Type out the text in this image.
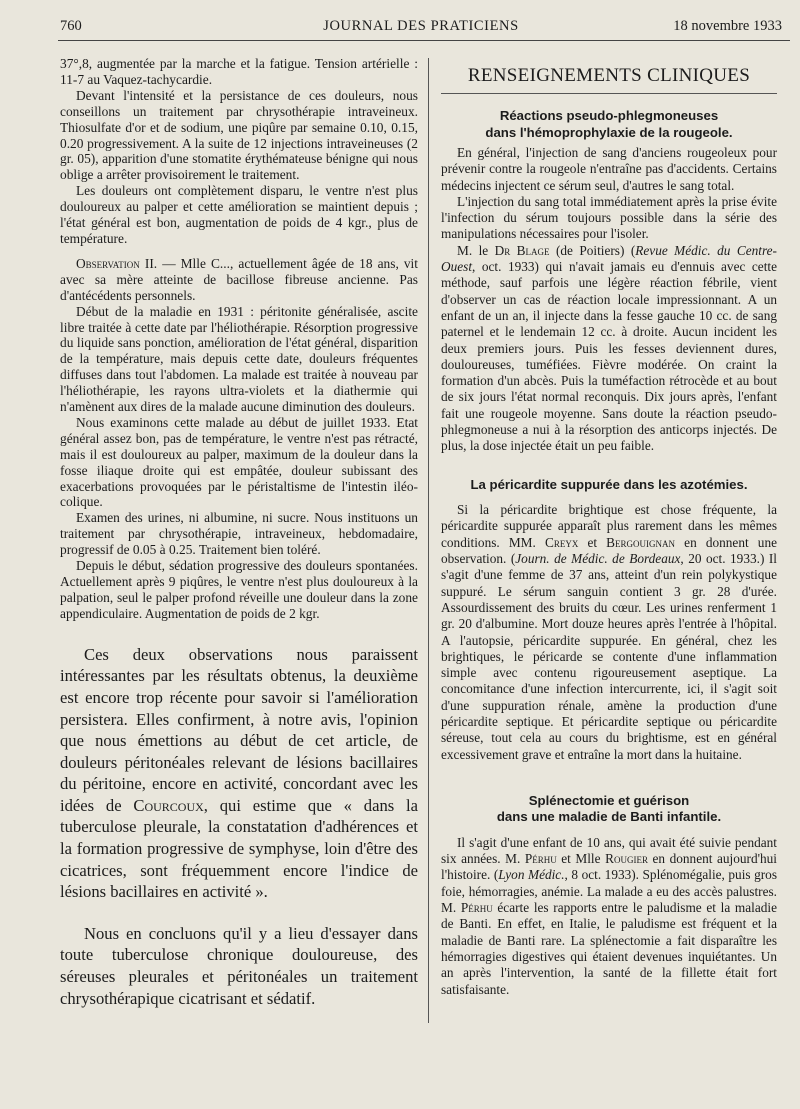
760	JOURNAL DES PRATICIENS	18 novembre 1933

37°,8, augmentée par la marche et la fatigue. Tension artérielle : 11-7 au Vaquez-tachycardie.

Devant l'intensité et la persistance de ces douleurs, nous conseillons un traitement par chrysothérapie intraveineux. Thiosulfate d'or et de sodium, une piqûre par semaine 0.10, 0.15, 0.20 progressivement. A la suite de 12 injections intraveineuses (2 gr. 05), apparition d'une stomatite érythémateuse bénigne qui nous oblige a arrêter provisoirement le traitement.

Les douleurs ont complètement disparu, le ventre n'est plus douloureux au palper et cette amélioration se maintient depuis ; l'état général est bon, augmentation de poids de 4 kgr., plus de température.

Observation II. — Mlle C..., actuellement âgée de 18 ans, vit avec sa mère atteinte de bacillose fibreuse ancienne. Pas d'antécédents personnels.

Début de la maladie en 1931 : péritonite généralisée, ascite libre traitée à cette date par l'héliothérapie. Résorption progressive du liquide sans ponction, amélioration de l'état général, disparition de la température, mais depuis cette date, douleurs fréquentes diffuses dans tout l'abdomen. La malade est traitée à nouveau par l'héliothérapie, les rayons ultra-violets et la diathermie qui n'amènent aux dires de la malade aucune diminution des douleurs.

Nous examinons cette malade au début de juillet 1933. Etat général assez bon, pas de température, le ventre n'est pas rétracté, mais il est douloureux au palper, maximum de la douleur dans la fosse iliaque droite qui est empâtée, douleur subissant des exacerbations provoquées par le péristaltisme de l'intestin iléo-colique.

Examen des urines, ni albumine, ni sucre. Nous instituons un traitement par chrysothérapie, intraveineux, hebdomadaire, progressif de 0.05 à 0.25. Traitement bien toléré.

Depuis le début, sédation progressive des douleurs spontanées. Actuellement après 9 piqûres, le ventre n'est plus douloureux à la palpation, seul le palper profond réveille une douleur dans la zone appendiculaire. Augmentation de poids de 2 kgr.

Ces deux observations nous paraissent intéressantes par les résultats obtenus, la deuxième est encore trop récente pour savoir si l'amélioration persistera. Elles confirment, à notre avis, l'opinion que nous émettions au début de cet article, de douleurs péritonéales relevant de lésions bacillaires du péritoine, encore en activité, concordant avec les idées de Courcoux, qui estime que « dans la tuberculose pleurale, la constatation d'adhérences et la formation progressive de symphyse, loin d'être des cicatrices, sont fréquemment encore l'indice de lésions bacillaires en activité ».

Nous en concluons qu'il y a lieu d'essayer dans toute tuberculose chronique douloureuse, des séreuses pleurales et péritonéales un traitement chrysothérapique cicatrisant et sédatif.

RENSEIGNEMENTS CLINIQUES
Réactions pseudo-phlegmoneuses
dans l'hémoprophylaxie de la rougeole.

En général, l'injection de sang d'anciens rougeoleux pour prévenir contre la rougeole n'entraîne pas d'accidents. Certains médecins injectent ce sérum seul, d'autres le sang total.

L'injection du sang total immédiatement après la prise évite l'infection du sérum toujours possible dans la série des manipulations nécessaires pour l'isoler.

M. le Dr Blage (de Poitiers) (Revue Médic. du Centre-Ouest, oct. 1933) qui n'avait jamais eu d'ennuis avec cette méthode, sauf parfois une légère réaction fébrile, vient d'observer un cas de réaction locale impressionnant. A un enfant de un an, il injecte dans la fesse gauche 10 cc. de sang paternel et le lendemain 12 cc. à droite. Aucun incident les deux premiers jours. Puis les fesses deviennent dures, douloureuses, tuméfiées. Fièvre modérée. On craint la formation d'un abcès. Puis la tuméfaction rétrocède et au bout de six jours l'état normal reconquis. Dix jours après, l'enfant fait une rougeole moyenne. Sans doute la réaction pseudo-phlegmoneuse a nui à la résorption des anticorps injectés. De plus, la dose injectée était un peu faible.

La péricardite suppurée dans les azotémies.

Si la péricardite brightique est chose fréquente, la péricardite suppurée apparaît plus rarement dans les mêmes conditions. MM. Creyx et Bergouignan en donnent une observation. (Journ. de Médic. de Bordeaux, 20 oct. 1933.) Il s'agit d'une femme de 37 ans, atteint d'un rein polykystique suppuré. Le sérum sanguin contient 3 gr. 28 d'urée. Assourdissement des bruits du cœur. Les urines renferment 1 gr. 20 d'albumine. Mort douze heures après l'entrée à l'hôpital. A l'autopsie, péricardite suppurée. En général, chez les brightiques, le péricarde se contente d'une inflammation simple avec contenu rigoureusement aseptique. La concomitance d'une infection intercurrente, ici, il s'agit soit d'une suppuration rénale, amène la production d'une péricardite septique. Et péricardite septique ou péricardite séreuse, tout cela au cours du brightisme, est en général excessivement grave et entraîne la mort dans la huitaine.

Splénectomie et guérison
dans une maladie de Banti infantile.

Il s'agit d'une enfant de 10 ans, qui avait été suivie pendant six années. M. Pérhu et Mlle Rougier en donnent aujourd'hui l'histoire. (Lyon Médic., 8 oct. 1933). Splénomégalie, puis gros foie, hémorragies, anémie. La malade a eu des accès palustres. M. Pérhu écarte les rapports entre le paludisme et la maladie de Banti. En effet, en Italie, le paludisme est fréquent et la maladie de Banti rare. La splénectomie a fait disparaître les hémorragies digestives qui étaient devenues inquiétantes. Un an après l'intervention, la santé de la fillette était fort satisfaisante.
